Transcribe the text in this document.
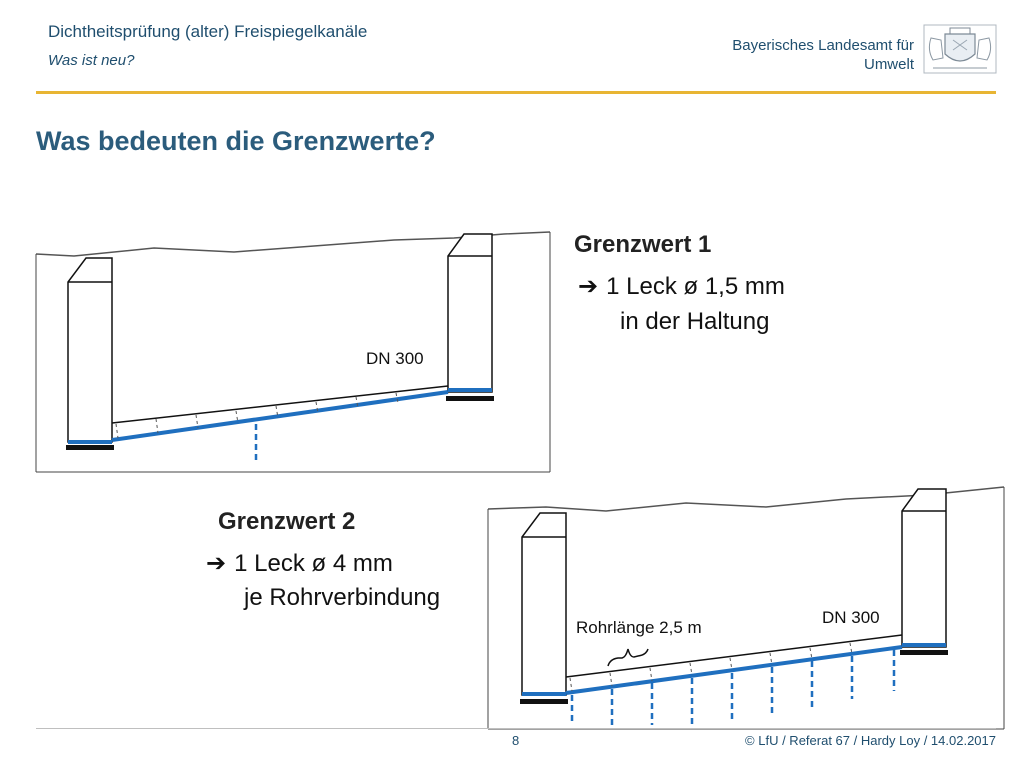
Dichtheitsprüfung (alter) Freispiegelkanäle
Was ist neu?
Bayerisches Landesamt für
Umwelt
Was bedeuten die Grenzwerte?
DN 300
Grenzwert 1
➔ 1 Leck ø 1,5 mm
in der Haltung
Grenzwert 2
➔ 1 Leck ø 4 mm
je Rohrverbindung
Rohrlänge 2,5 m
DN 300
8	© LfU / Referat 67 / Hardy Loy / 14.02.2017
